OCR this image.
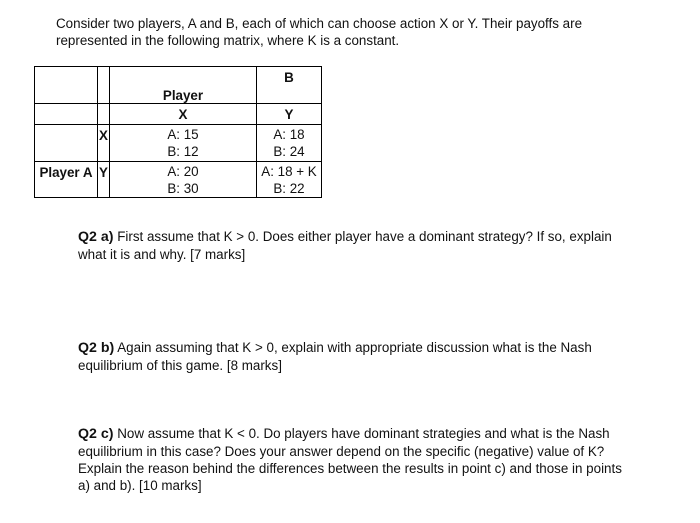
Consider two players, A and B, each of which can choose action X or Y. Their payoffs are
represented in the following matrix, where K is a constant.
B
Player
X	Y
Player A
X
Y
A: 15
B: 12
A: 18
B: 24
A: 20
B: 30
A: 18 + K
B: 22
Q2 a) First assume that K > 0. Does either player have a dominant strategy? If so, explain
what it is and why. [7 marks]
Q2 b) Again assuming that K > 0, explain with appropriate discussion what is the Nash
equilibrium of this game. [8 marks]
Q2 c) Now assume that K < 0. Do players have dominant strategies and what is the Nash
equilibrium in this case? Does your answer depend on the specific (negative) value of K?
Explain the reason behind the differences between the results in point c) and those in points
a) and b). [10 marks]
